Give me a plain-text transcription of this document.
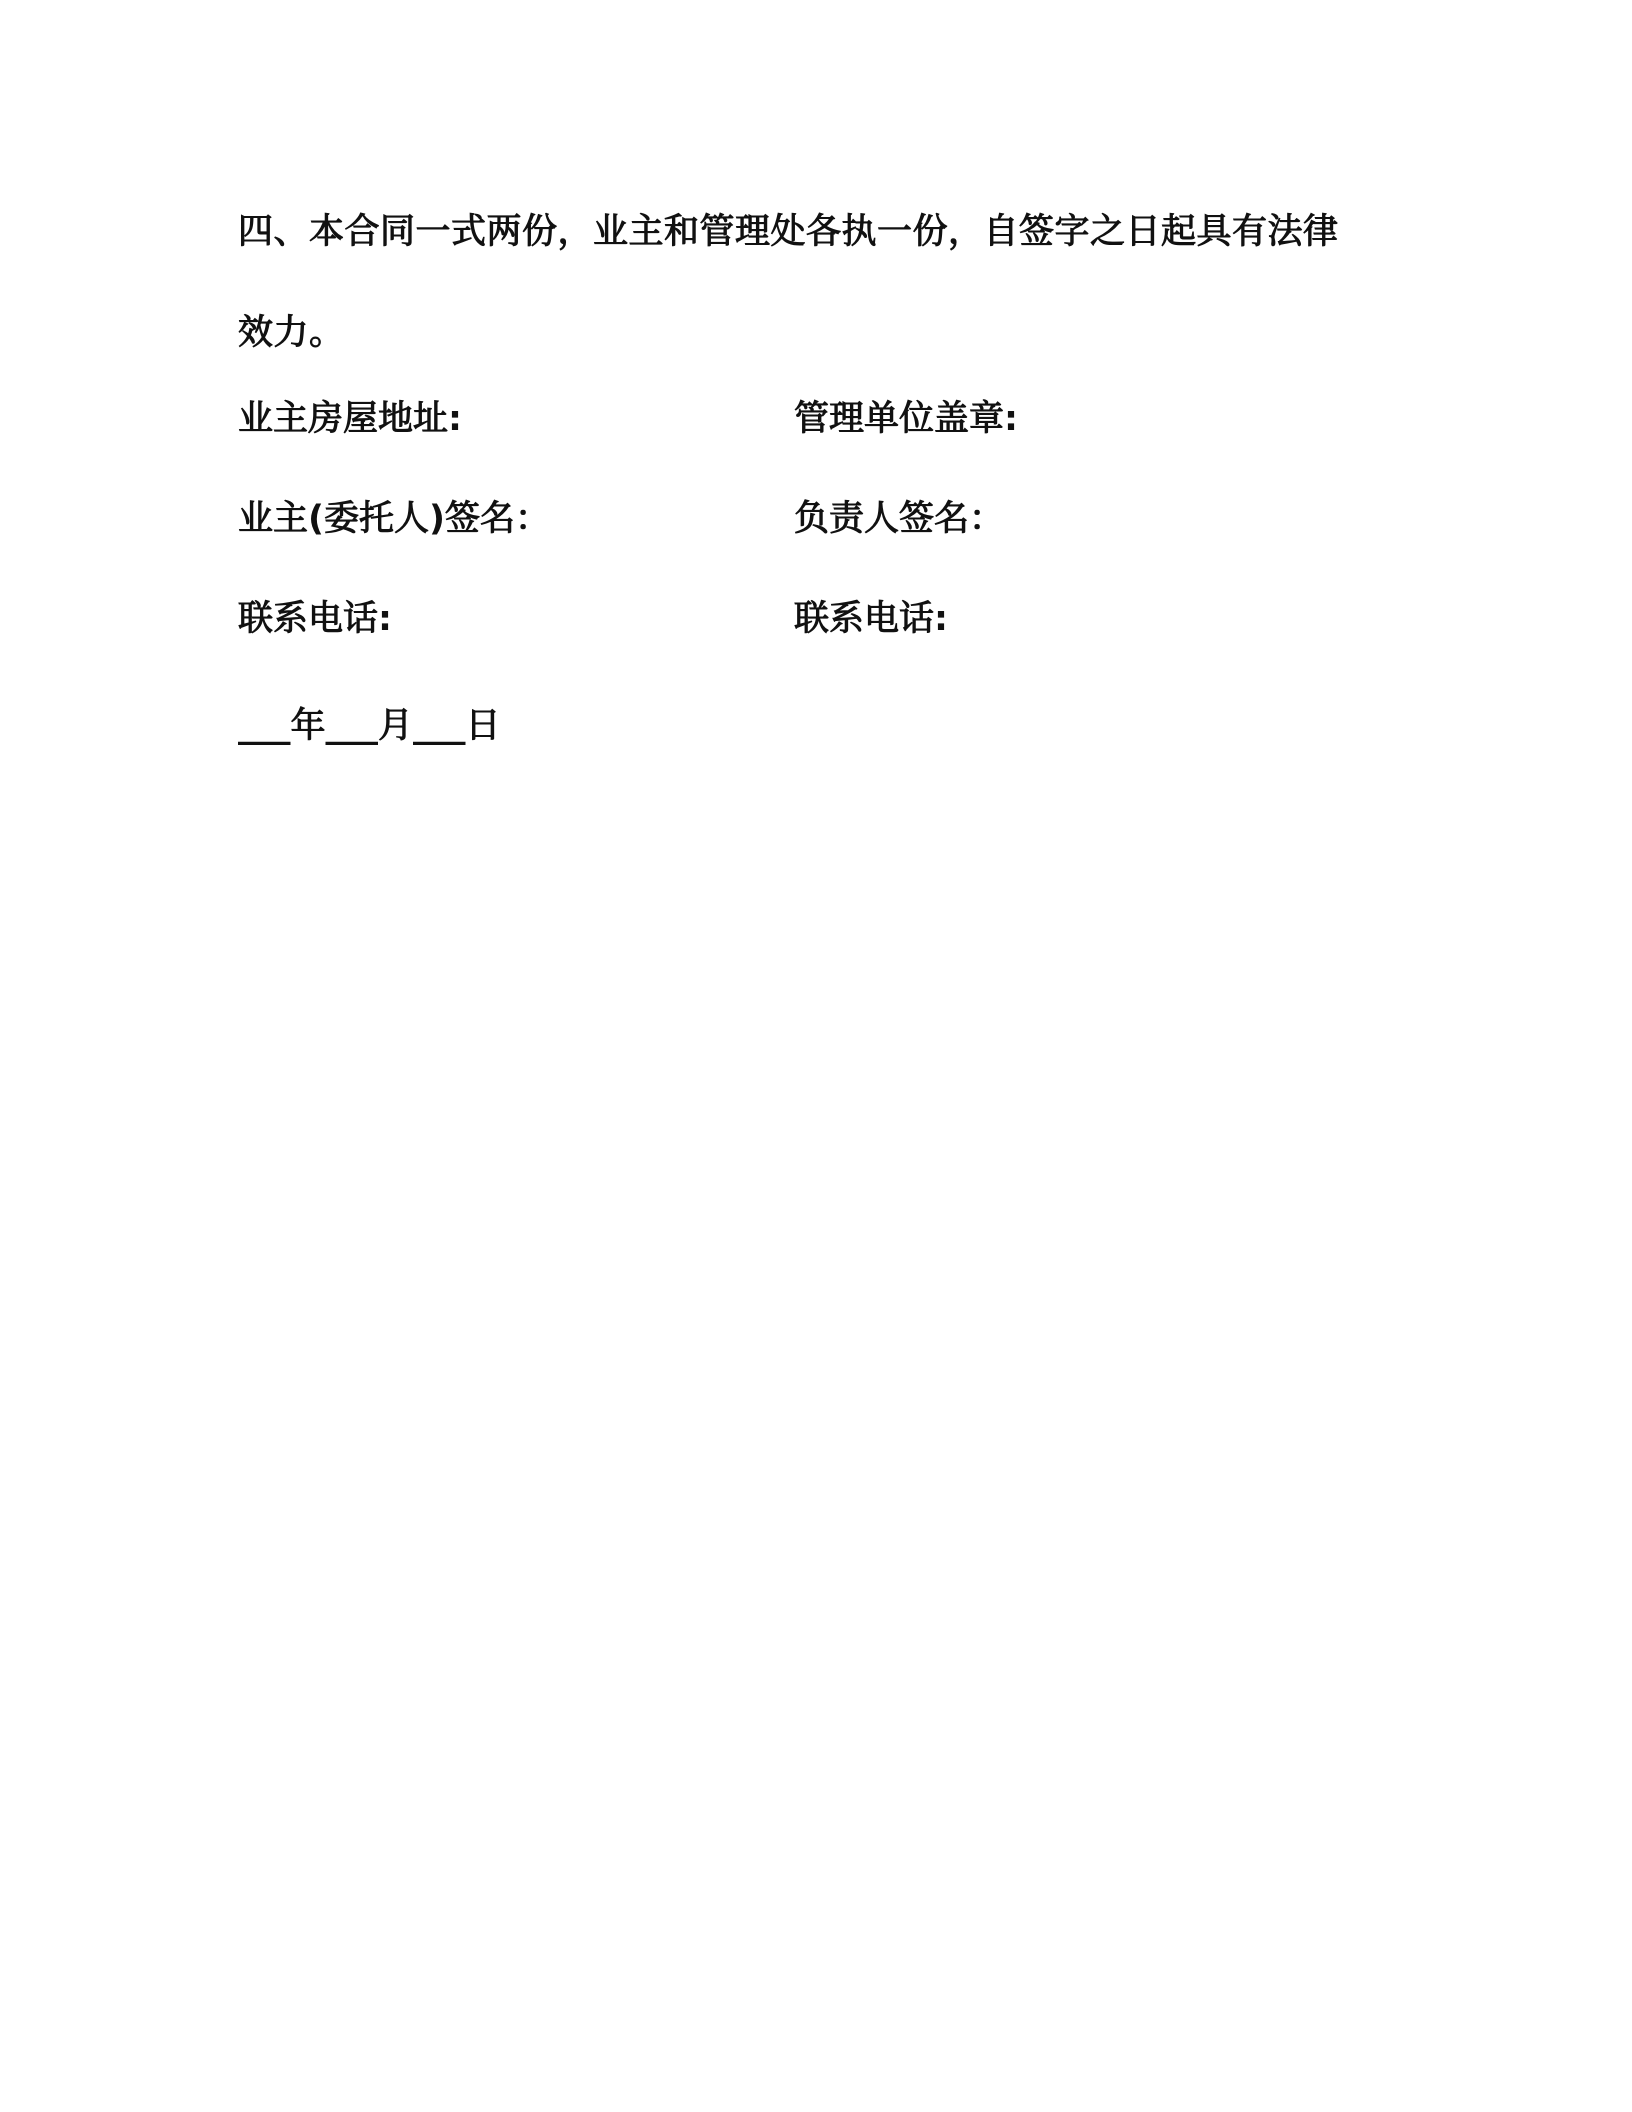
四、本合同一式两份，业主和管理处各执一份，自签字之日起具有法律效力。

业主房屋地址:	管理单位盖章:
业主(委托人)签名：	负责人签名：
联系电话:	联系电话:
___年___月___日
